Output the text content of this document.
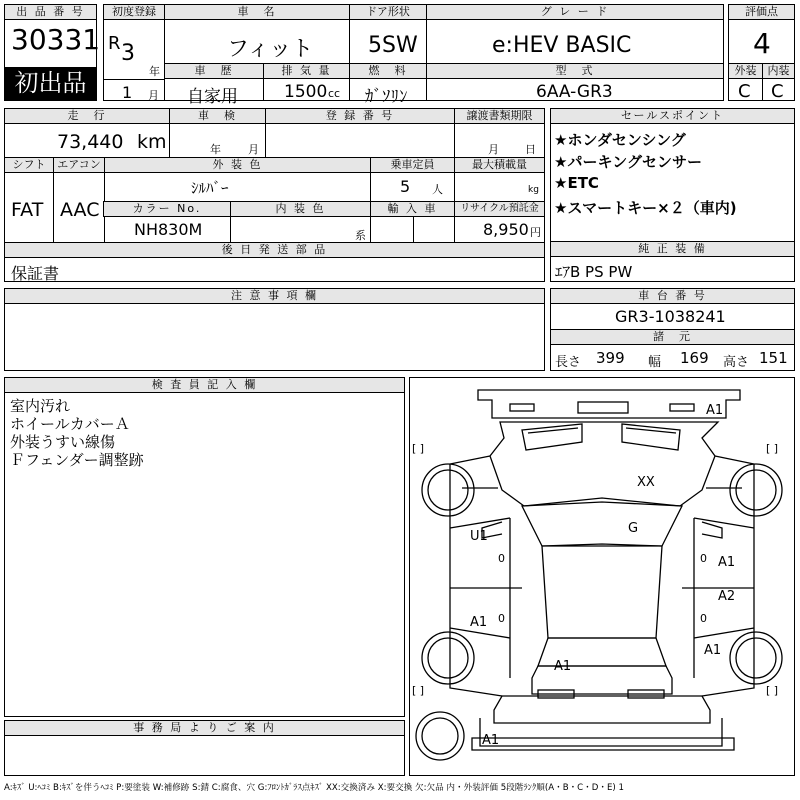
出 品 番 号
30331
初出品
初度登録
R 3
年
1 月
車　名	ドア形状	グ レ ー ド
フィット 5SW	e:HEV BASIC
車　歴	排 気 量	燃　料	型　式
自家用	1500 cc ｶﾞｿﾘﾝ	6AA-GR3
評価点
4
外装	内装
C C
走　行	車　検	登 録 番 号	譲渡書類期限
73,440 km	年 月	月 日
シフト	エアコン	外 装 色	乗車定員	最大積載量
FAT AAC
ｼﾙﾊﾞｰ	5 人	kg
カラー No.	内 装 色	輸 入 車	リサイクル預託金
NH830M	系	8,950 円
後 日 発 送 部 品
保証書
セールスポイント
★ホンダセンシング
★パーキングセンサー
★ETC
★スマートキー×２（車内)
純 正 装 備
ｴｱB PS PW
注 意 事 項 欄	車 台 番 号
GR3-1038241
諸　元
長さ 399 幅 169 高さ 151
検 査 員 記 入 欄
室内汚れ
ホイールカバーＡ
外装うすい線傷
Ｆフェンダー調整跡
事 務 局 よ り ご 案 内
A1
XX
G
U1
A1
A2
A1
A1
A1
A1
0
0
0
0
[ ]	[ ]
[ ]	[ ]
A:ｷｽﾞ U:ﾍｺﾐ B:ｷｽﾞを伴うﾍｺﾐ P:要塗装 W:補修跡 S:錆 C:腐食、穴 G:ﾌﾛﾝﾄｶﾞﾗｽ点ｷｽﾞ XX:交換済み X:要交換 欠:欠品 内・外装評価 5段階ﾗﾝｸ順(A・B・C・D・E) 1
